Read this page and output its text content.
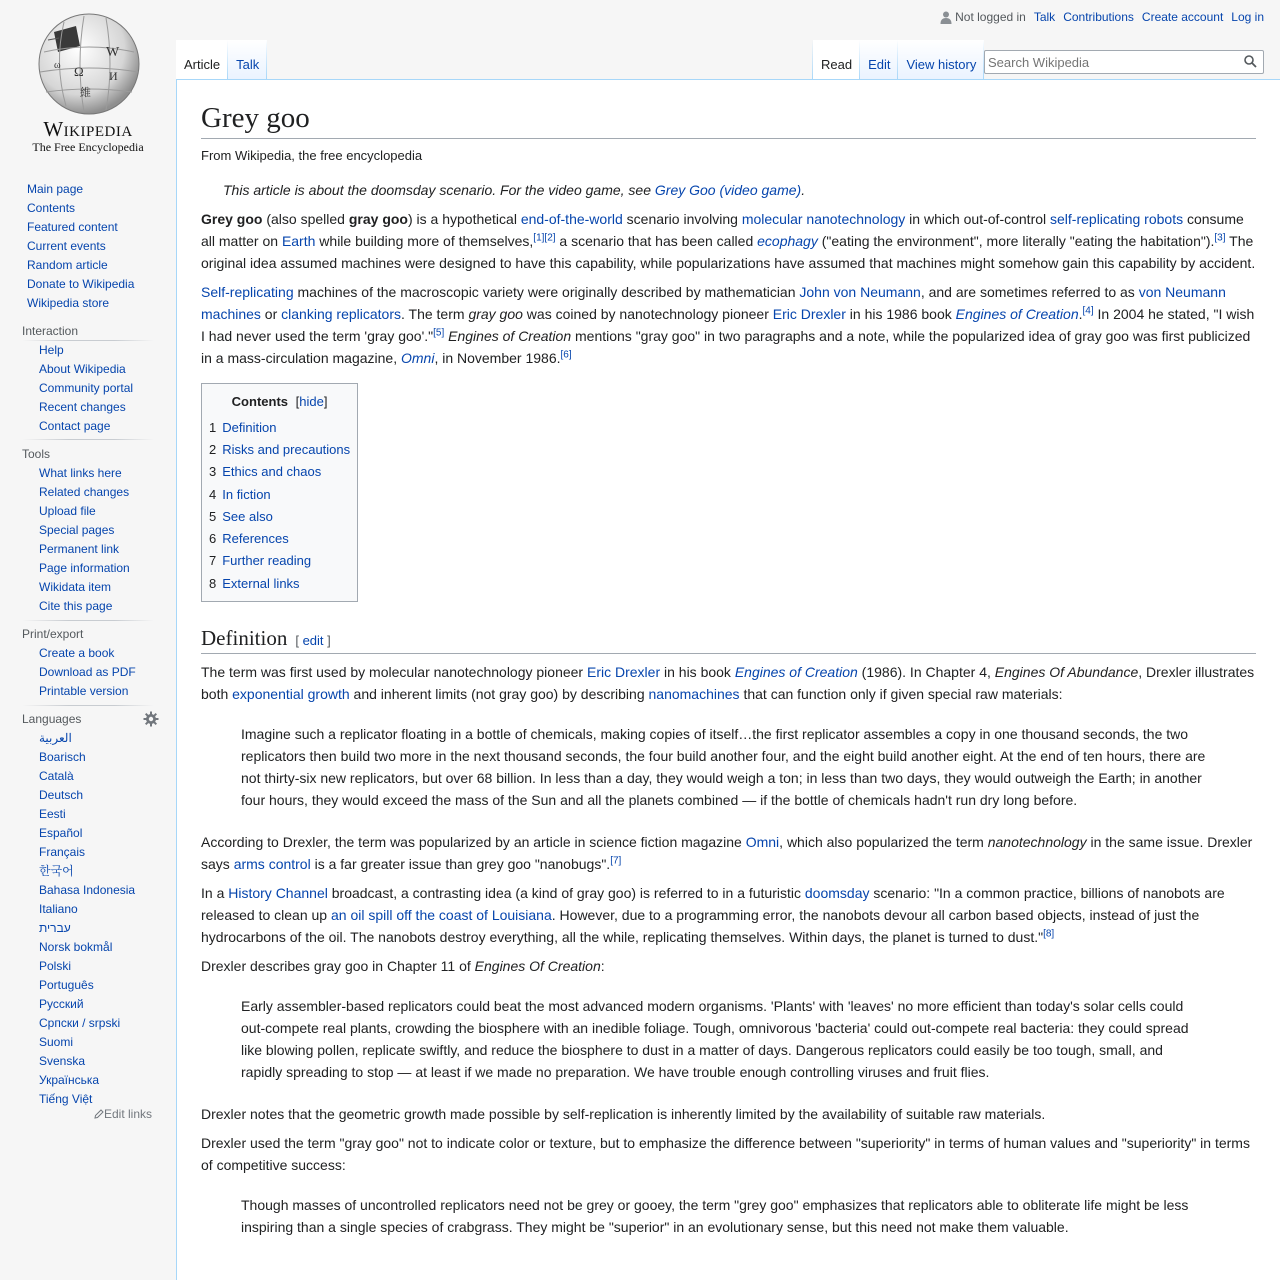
W
Ω И
維
ω
Wikipedia
The Free Encyclopedia
Main page
Contents
Featured content
Current events
Random article
Donate to Wikipedia
Wikipedia store
Interaction
Help
About Wikipedia
Community portal
Recent changes
Contact page
Tools
What links here
Related changes
Upload file
Special pages
Permanent link
Page information
Wikidata item
Cite this page
Print/export
Create a book
Download as PDF
Printable version
Languages
العربية
Boarisch
Català
Deutsch
Eesti
Español
Français
한국어
Bahasa Indonesia
Italiano
עברית
Norsk bokmål
Polski
Português
Русский
Српски / srpski
Suomi
Svenska
Українська
Tiếng Việt
Edit links
Not logged in Talk Contributions Create account Log in
Article Talk	Read Edit View history
Search Wikipedia
Grey goo
From Wikipedia, the free encyclopedia

This article is about the doomsday scenario. For the video game, see Grey Goo (video game).

Grey goo (also spelled gray goo) is a hypothetical end-of-the-world scenario involving molecular nanotechnology in which out-of-control self-replicating robots consume all matter on Earth while building more of themselves,[1][2] a scenario that has been called ecophagy ("eating the environment", more literally "eating the habitation").[3] The original idea assumed machines were designed to have this capability, while popularizations have assumed that machines might somehow gain this capability by accident.

Self-replicating machines of the macroscopic variety were originally described by mathematician John von Neumann, and are sometimes referred to as von Neumann machines or clanking replicators. The term gray goo was coined by nanotechnology pioneer Eric Drexler in his 1986 book Engines of Creation.[4] In 2004 he stated, "I wish I had never used the term 'gray goo'."[5] Engines of Creation mentions "gray goo" in two paragraphs and a note, while the popularized idea of gray goo was first publicized in a mass-circulation magazine, Omni, in November 1986.[6]

Contents [hide]
1 Definition
2 Risks and precautions
3 Ethics and chaos
4 In fiction
5 See also
6 References
7 Further reading
8 External links
Definition [ edit ]

The term was first used by molecular nanotechnology pioneer Eric Drexler in his book Engines of Creation (1986). In Chapter 4, Engines Of Abundance, Drexler illustrates both exponential growth and inherent limits (not gray goo) by describing nanomachines that can function only if given special raw materials:

Imagine such a replicator floating in a bottle of chemicals, making copies of itself…the first replicator assembles a copy in one thousand seconds, the two replicators then build two more in the next thousand seconds, the four build another four, and the eight build another eight. At the end of ten hours, there are not thirty-six new replicators, but over 68 billion. In less than a day, they would weigh a ton; in less than two days, they would outweigh the Earth; in another four hours, they would exceed the mass of the Sun and all the planets combined — if the bottle of chemicals hadn't run dry long before.

According to Drexler, the term was popularized by an article in science fiction magazine Omni, which also popularized the term nanotechnology in the same issue. Drexler says arms control is a far greater issue than grey goo "nanobugs".[7]

In a History Channel broadcast, a contrasting idea (a kind of gray goo) is referred to in a futuristic doomsday scenario: "In a common practice, billions of nanobots are released to clean up an oil spill off the coast of Louisiana. However, due to a programming error, the nanobots devour all carbon based objects, instead of just the hydrocarbons of the oil. The nanobots destroy everything, all the while, replicating themselves. Within days, the planet is turned to dust."[8]

Drexler describes gray goo in Chapter 11 of Engines Of Creation:

Early assembler-based replicators could beat the most advanced modern organisms. 'Plants' with 'leaves' no more efficient than today's solar cells could out-compete real plants, crowding the biosphere with an inedible foliage. Tough, omnivorous 'bacteria' could out-compete real bacteria: they could spread like blowing pollen, replicate swiftly, and reduce the biosphere to dust in a matter of days. Dangerous replicators could easily be too tough, small, and rapidly spreading to stop — at least if we made no preparation. We have trouble enough controlling viruses and fruit flies.

Drexler notes that the geometric growth made possible by self-replication is inherently limited by the availability of suitable raw materials.

Drexler used the term "gray goo" not to indicate color or texture, but to emphasize the difference between "superiority" in terms of human values and "superiority" in terms of competitive success:

Though masses of uncontrolled replicators need not be grey or gooey, the term "grey goo" emphasizes that replicators able to obliterate life might be less inspiring than a single species of crabgrass. They might be "superior" in an evolutionary sense, but this need not make them valuable.
